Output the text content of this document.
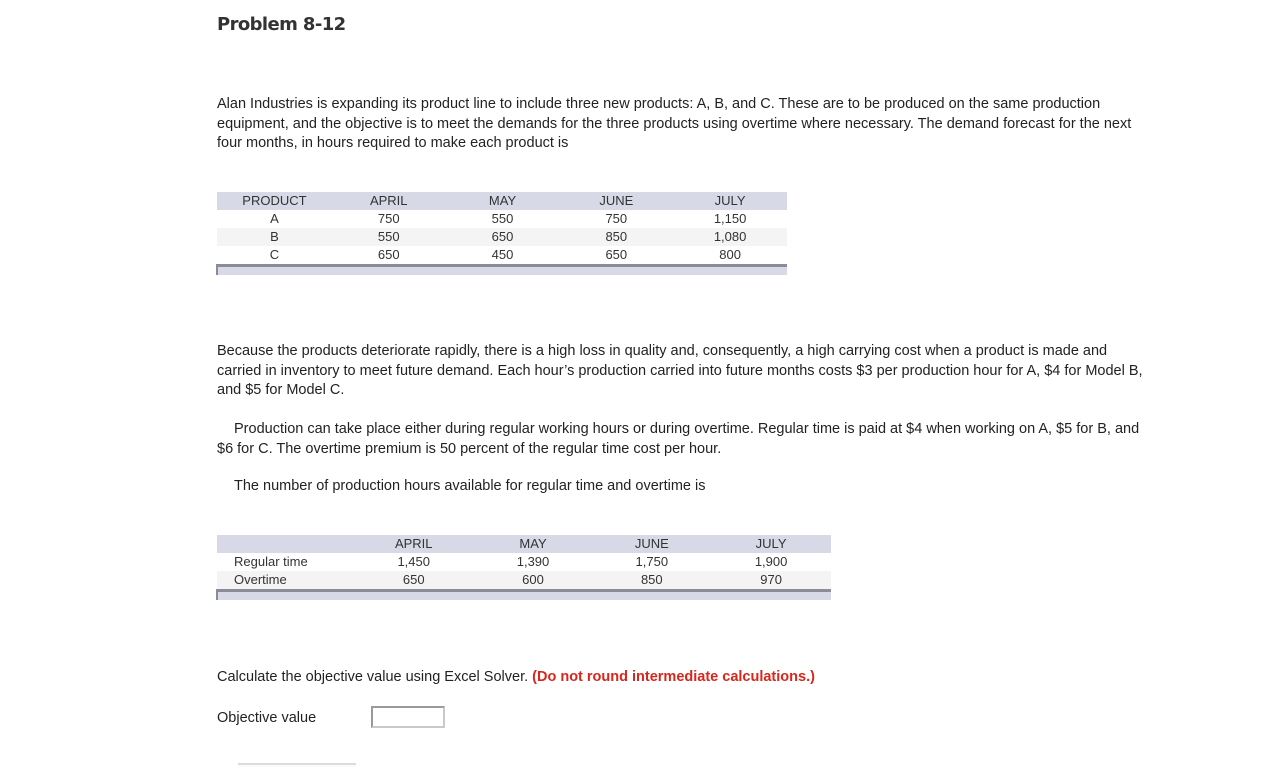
Problem 8-12

Alan Industries is expanding its product line to include three new products: A, B, and C. These are to be produced on the same production equipment, and the objective is to meet the demands for the three products using overtime where necessary. The demand forecast for the next four months, in hours required to make each product is

PRODUCT	APRIL	MAY	JUNE	JULY
A	750	550	750	1,150
B	550	650	850	1,080
C	650	450	650	800

Because the products deteriorate rapidly, there is a high loss in quality and, consequently, a high carrying cost when a product is made and carried in inventory to meet future demand. Each hour’s production carried into future months costs $3 per production hour for A, $4 for Model B, and $5 for Model C.

Production can take place either during regular working hours or during overtime. Regular time is paid at $4 when working on A, $5 for B, and $6 for C. The overtime premium is 50 percent of the regular time cost per hour.

The number of production hours available for regular time and overtime is

	APRIL	MAY	JUNE	JULY
Regular time	1,450	1,390	1,750	1,900
Overtime	650	600	850	970

Calculate the objective value using Excel Solver. (Do not round intermediate calculations.)

Objective value
